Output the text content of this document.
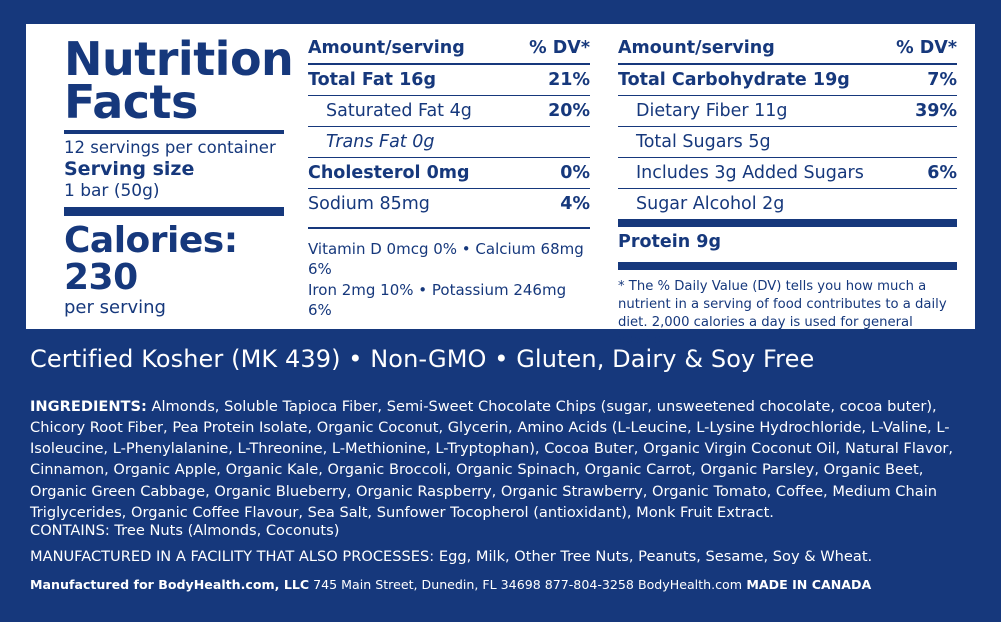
Nutrition
Facts
12 servings per container
Serving size
1 bar (50g)
Calories: 230
per serving
Amount/serving	% DV*
Total Fat 16g	21%
Saturated Fat 4g	20%
Trans Fat 0g
Cholesterol 0mg	0%
Sodium 85mg	4%
Vitamin D 0mcg 0% • Calcium 68mg 6%
Iron 2mg 10% • Potassium 246mg 6%
Amount/serving	% DV*
Total Carbohydrate 19g	7%
Dietary Fiber 11g	39%
Total Sugars 5g
Includes 3g Added Sugars	6%
Sugar Alcohol 2g
Protein 9g
* The % Daily Value (DV) tells you how much a nutrient in a serving of food contributes to a daily diet. 2,000 calories a day is used for general advice.
Certified Kosher (MK 439) • Non-GMO • Gluten, Dairy & Soy Free
INGREDIENTS: Almonds, Soluble Tapioca Fiber, Semi-Sweet Chocolate Chips (sugar, unsweetened chocolate, cocoa buter), Chicory Root Fiber, Pea Protein Isolate, Organic Coconut, Glycerin, Amino Acids (L-Leucine, L-Lysine Hydrochloride, L-Valine, L-Isoleucine, L-Phenylalanine, L-Threonine, L-Methionine, L-Tryptophan), Cocoa Buter, Organic Virgin Coconut Oil, Natural Flavor, Cinnamon, Organic Apple, Organic Kale, Organic Broccoli, Organic Spinach, Organic Carrot, Organic Parsley, Organic Beet, Organic Green Cabbage, Organic Blueberry, Organic Raspberry, Organic Strawberry, Organic Tomato, Coffee, Medium Chain Triglycerides, Organic Coffee Flavour, Sea Salt, Sunfower Tocopherol (antioxidant), Monk Fruit Extract.
CONTAINS: Tree Nuts (Almonds, Coconuts)
MANUFACTURED IN A FACILITY THAT ALSO PROCESSES: Egg, Milk, Other Tree Nuts, Peanuts, Sesame, Soy & Wheat.
Manufactured for BodyHealth.com, LLC 745 Main Street, Dunedin, FL 34698 877-804-3258 BodyHealth.com MADE IN CANADA
